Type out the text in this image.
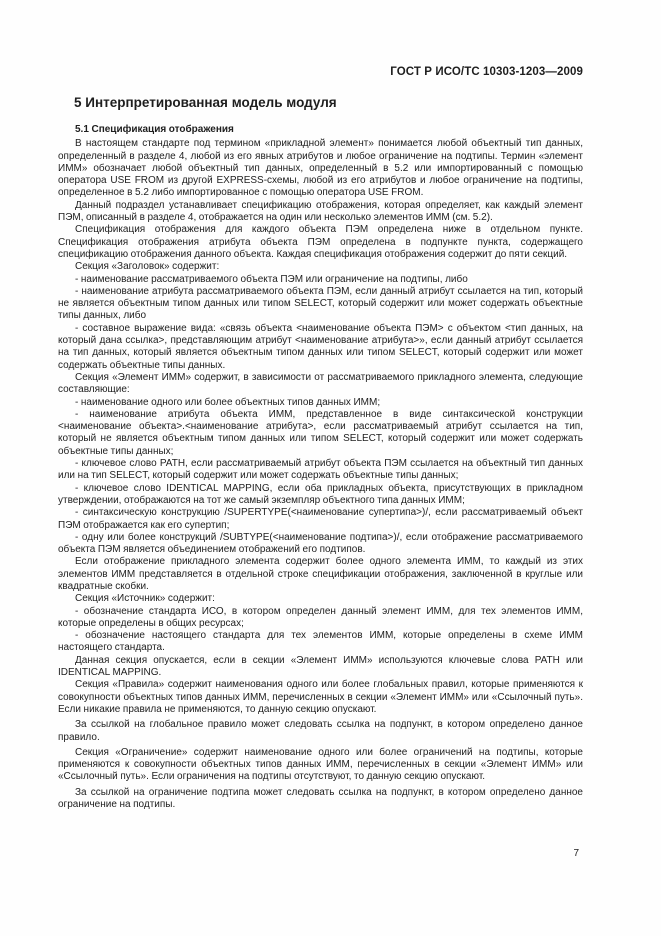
ГОСТ Р ИСО/ТС 10303-1203—2009
5 Интерпретированная модель модуля

5.1 Спецификация отображения

В настоящем стандарте под термином «прикладной элемент» понимается любой объектный тип данных, определенный в разделе 4, любой из его явных атрибутов и любое ограничение на подтипы. Термин «элемент ИММ» обозначает любой объектный тип данных, определенный в 5.2 или импортированный с помощью оператора USE FROM из другой EXPRESS-схемы, любой из его атрибутов и любое ограничение на подтипы, определенное в 5.2 либо импортированное с помощью оператора USE FROM.

Данный подраздел устанавливает спецификацию отображения, которая определяет, как каждый элемент ПЭМ, описанный в разделе 4, отображается на один или несколько элементов ИММ (см. 5.2).

Спецификация отображения для каждого объекта ПЭМ определена ниже в отдельном пункте. Спецификация отображения атрибута объекта ПЭМ определена в подпункте пункта, содержащего спецификацию отображения данного объекта. Каждая спецификация отображения содержит до пяти секций.

Секция «Заголовок» содержит:

- наименование рассматриваемого объекта ПЭМ или ограничение на подтипы, либо

- наименование атрибута рассматриваемого объекта ПЭМ, если данный атрибут ссылается на тип, который не является объектным типом данных или типом SELECT, который содержит или может содержать объектные типы данных, либо

- составное выражение вида: «связь объекта <наименование объекта ПЭМ> с объектом <тип данных, на который дана ссылка>, представляющим атрибут <наименование атрибута>», если данный атрибут ссылается на тип данных, который является объектным типом данных или типом SELECT, который содержит или может содержать объектные типы данных.

Секция «Элемент ИММ» содержит, в зависимости от рассматриваемого прикладного элемента, следующие составляющие:

- наименование одного или более объектных типов данных ИММ;

- наименование атрибута объекта ИММ, представленное в виде синтаксической конструкции <наименование объекта>.<наименование атрибута>, если рассматриваемый атрибут ссылается на тип, который не является объектным типом данных или типом SELECT, который содержит или может содержать объектные типы данных;

- ключевое слово PATH, если рассматриваемый атрибут объекта ПЭМ ссылается на объектный тип данных или на тип SELECT, который содержит или может содержать объектные типы данных;

- ключевое слово IDENTICAL MAPPING, если оба прикладных объекта, присутствующих в прикладном утверждении, отображаются на тот же самый экземпляр объектного типа данных ИММ;

- синтаксическую конструкцию /SUPERTYPE(<наименование супертипа>)/, если рассматриваемый объект ПЭМ отображается как его супертип;

- одну или более конструкций /SUBTYPE(<наименование подтипа>)/, если отображение рассматриваемого объекта ПЭМ является объединением отображений его подтипов.

Если отображение прикладного элемента содержит более одного элемента ИММ, то каждый из этих элементов ИММ представляется в отдельной строке спецификации отображения, заключенной в круглые или квадратные скобки.

Секция «Источник» содержит:

- обозначение стандарта ИСО, в котором определен данный элемент ИММ, для тех элементов ИММ, которые определены в общих ресурсах;

- обозначение настоящего стандарта для тех элементов ИММ, которые определены в схеме ИММ настоящего стандарта.

Данная секция опускается, если в секции «Элемент ИММ» используются ключевые слова PATH или IDENTICAL MAPPING.

Секция «Правила» содержит наименования одного или более глобальных правил, которые применяются к совокупности объектных типов данных ИММ, перечисленных в секции «Элемент ИММ» или «Ссылочный путь». Если никакие правила не применяются, то данную секцию опускают.

За ссылкой на глобальное правило может следовать ссылка на подпункт, в котором определено данное правило.

Секция «Ограничение» содержит наименование одного или более ограничений на подтипы, которые применяются к совокупности объектных типов данных ИММ, перечисленных в секции «Элемент ИММ» или «Ссылочный путь». Если ограничения на подтипы отсутствуют, то данную секцию опускают.

За ссылкой на ограничение подтипа может следовать ссылка на подпункт, в котором определено данное ограничение на подтипы.

7
